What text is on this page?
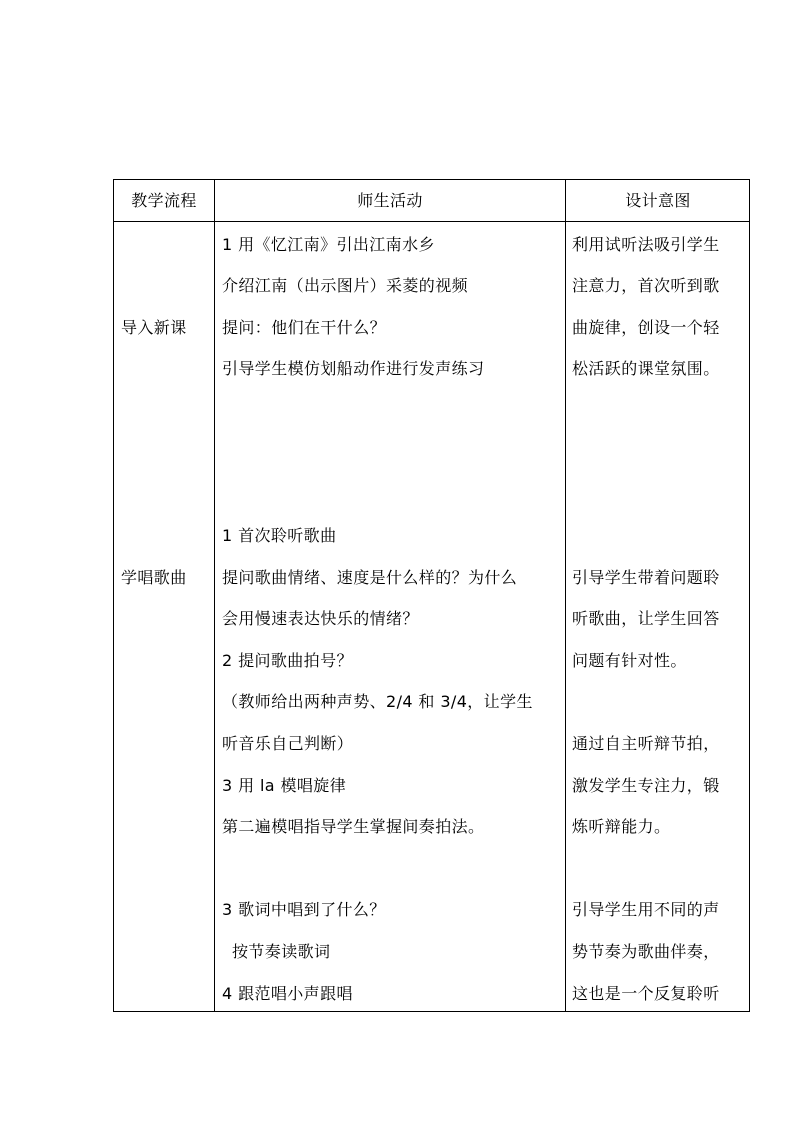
教学流程	师生活动	设计意图
导入新课
1 用《忆江南》引出江南水乡
介绍江南（出示图片）采菱的视频
提问：他们在干什么？
引导学生模仿划船动作进行发声练习
利用试听法吸引学生
注意力，首次听到歌
曲旋律，创设一个轻
松活跃的课堂氛围。
学唱歌曲
1 首次聆听歌曲
提问歌曲情绪、速度是什么样的？为什么
会用慢速表达快乐的情绪？
2 提问歌曲拍号？
（教师给出两种声势、2/4 和 3/4，让学生
听音乐自己判断）
3 用 la 模唱旋律
第二遍模唱指导学生掌握间奏拍法。
3 歌词中唱到了什么？
按节奏读歌词
4 跟范唱小声跟唱
引导学生带着问题聆
听歌曲，让学生回答
问题有针对性。
通过自主听辩节拍，
激发学生专注力，锻
炼听辩能力。
引导学生用不同的声
势节奏为歌曲伴奏，
这也是一个反复聆听
